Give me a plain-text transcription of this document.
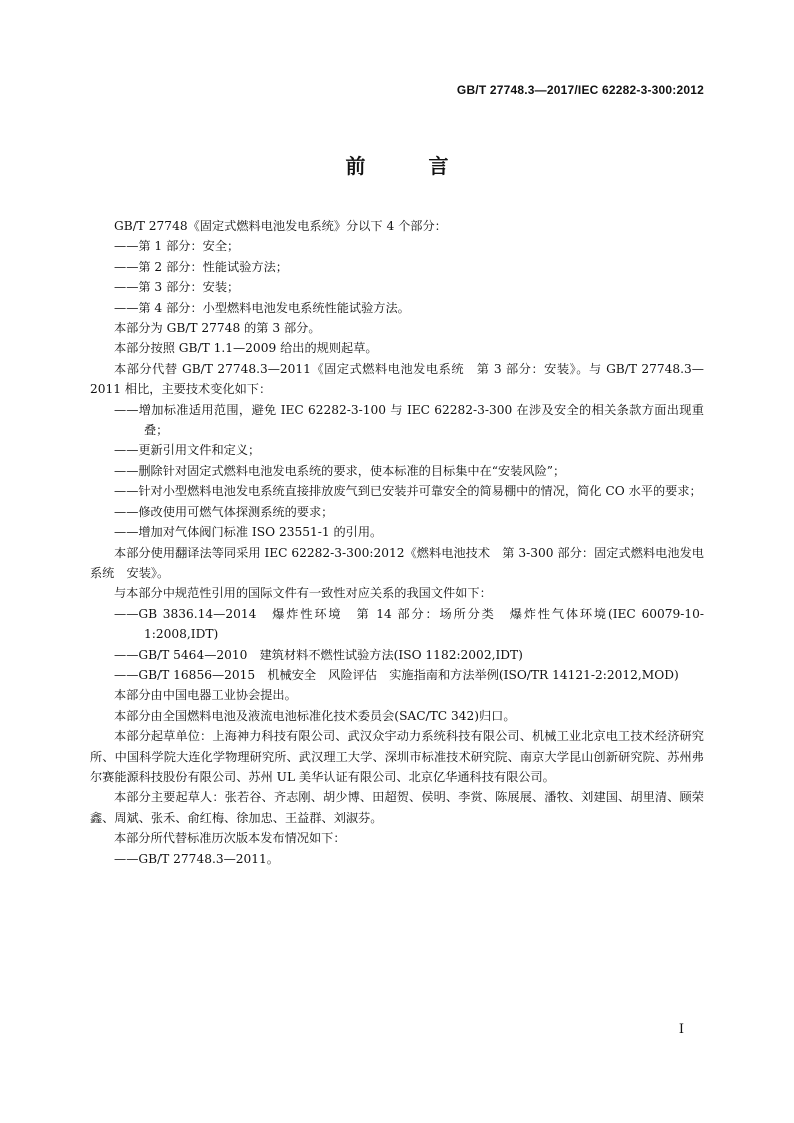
GB/T 27748.3—2017/IEC 62282-3-300:2012
前 言

GB/T 27748《固定式燃料电池发电系统》分以下 4 个部分：

——第 1 部分：安全；

——第 2 部分：性能试验方法；

——第 3 部分：安装；

——第 4 部分：小型燃料电池发电系统性能试验方法。

本部分为 GB/T 27748 的第 3 部分。

本部分按照 GB/T 1.1—2009 给出的规则起草。

本部分代替 GB/T 27748.3—2011《固定式燃料电池发电系统　第 3 部分：安装》。与 GB/T 27748.3—2011 相比，主要技术变化如下：

——增加标准适用范围，避免 IEC 62282-3-100 与 IEC 62282-3-300 在涉及安全的相关条款方面出现重叠；

——更新引用文件和定义；

——删除针对固定式燃料电池发电系统的要求，使本标准的目标集中在“安装风险”；

——针对小型燃料电池发电系统直接排放废气到已安装并可靠安全的简易棚中的情况，简化 CO 水平的要求；

——修改使用可燃气体探测系统的要求；

——增加对气体阀门标准 ISO 23551-1 的引用。

本部分使用翻译法等同采用 IEC 62282-3-300:2012《燃料电池技术　第 3-300 部分：固定式燃料电池发电系统　安装》。

与本部分中规范性引用的国际文件有一致性对应关系的我国文件如下：

——GB 3836.14—2014　爆炸性环境　第 14 部分：场所分类　爆炸性气体环境(IEC 60079-10-1:2008,IDT)

——GB/T 5464—2010　建筑材料不燃性试验方法(ISO 1182:2002,IDT)

——GB/T 16856—2015　机械安全　风险评估　实施指南和方法举例(ISO/TR 14121-2:2012,MOD)

本部分由中国电器工业协会提出。

本部分由全国燃料电池及液流电池标准化技术委员会(SAC/TC 342)归口。

本部分起草单位：上海神力科技有限公司、武汉众宇动力系统科技有限公司、机械工业北京电工技术经济研究所、中国科学院大连化学物理研究所、武汉理工大学、深圳市标准技术研究院、南京大学昆山创新研究院、苏州弗尔赛能源科技股份有限公司、苏州 UL 美华认证有限公司、北京亿华通科技有限公司。

本部分主要起草人：张若谷、齐志刚、胡少博、田超贺、侯明、李赏、陈展展、潘牧、刘建国、胡里清、顾荣鑫、周斌、张禾、俞红梅、徐加忠、王益群、刘淑芬。

本部分所代替标准历次版本发布情况如下：

——GB/T 27748.3—2011。

I
